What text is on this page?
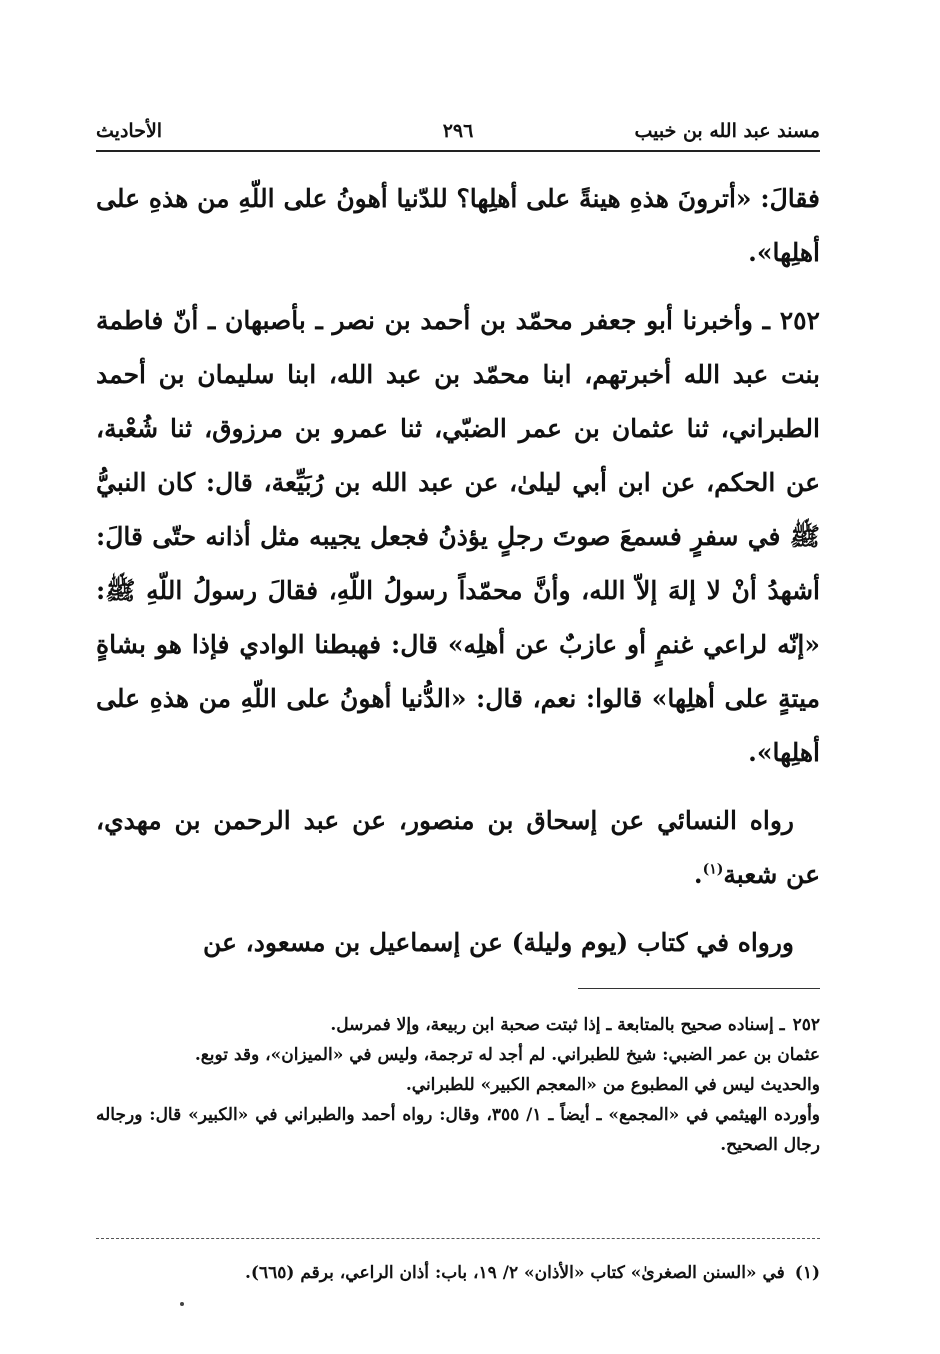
مسند عبد الله بن خبيب
٢٩٦
الأحاديث

فقالَ: «أترونَ هذهِ هينةً على أهلِها؟ للدّنيا أهونُ على اللّهِ من هذهِ على أهلِها».

٢٥٢ ـ وأخبرنا أبو جعفر محمّد بن أحمد بن نصر ـ بأصبهان ـ أنّ فاطمة بنت عبد الله أخبرتهم، ابنا محمّد بن عبد الله، ابنا سليمان بن أحمد الطبراني، ثنا عثمان بن عمر الضبّي، ثنا عمرو بن مرزوق، ثنا شُعْبة، عن الحكم، عن ابن أبي ليلىٰ، عن عبد الله بن رُبَيِّعة، قال: كان النبيُّ ﷺ في سفرٍ فسمعَ صوتَ رجلٍ يؤذنُ فجعل يجيبه مثل أذانه حتّى قالَ: أشهدُ أنْ لا إلهَ إلاّ الله، وأنَّ محمّداً رسولُ اللّهِ، فقالَ رسولُ اللّهِ ﷺ: «إنّه لراعي غنمٍ أو عازبٌ عن أهلِه» قال: فهبطنا الوادي فإذا هو بشاةٍ ميتةٍ على أهلِها» قالوا: نعم، قال: «الدُّنيا أهونُ على اللّهِ من هذهِ على أهلِها».

رواه النسائي عن إسحاق بن منصور، عن عبد الرحمن بن مهدي، عن شعبة$^{(١)}$.

ورواه في كتاب (يوم وليلة) عن إسماعيل بن مسعود، عن

٢٥٢ـ إسناده صحيح بالمتابعة ـ إذا ثبتت صحبة ابن ربيعة، وإلا فمرسل.

عثمان بن عمر الضبي: شيخ للطبراني. لم أجد له ترجمة، وليس في «الميزان»، وقد توبع.

والحديث ليس في المطبوع من «المعجم الكبير» للطبراني.

وأورده الهيثمي في «المجمع» ـ أيضاً ـ ١/ ٣٥٥، وقال: رواه أحمد والطبراني في «الكبير» قال: ورجاله رجال الصحيح.

(١)في «السنن الصغرىٰ» كتاب «الأذان» ٢/ ١٩، باب: أذان الراعي، برقم (٦٦٥).
